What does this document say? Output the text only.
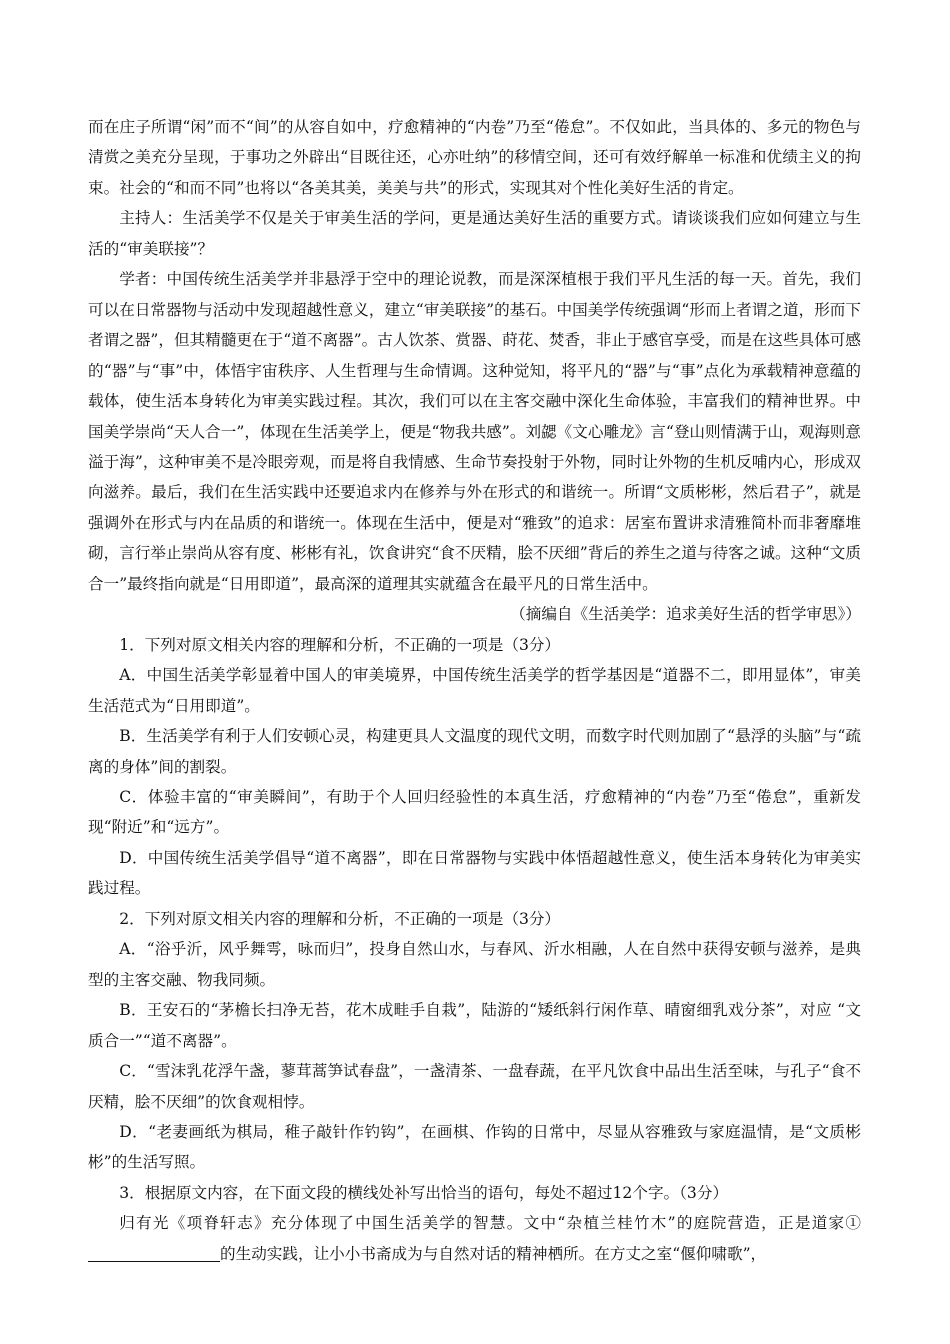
而在庄子所谓“闲”而不“间”的从容自如中，疗愈精神的“内卷”乃至“倦怠”。不仅如此，当具体的、多元的物色与清赏之美充分呈现，于事功之外辟出“目既往还，心亦吐纳”的移情空间，还可有效纾解单一标准和优绩主义的拘束。社会的“和而不同”也将以“各美其美，美美与共”的形式，实现其对个性化美好生活的肯定。

主持人：生活美学不仅是关于审美生活的学问，更是通达美好生活的重要方式。请谈谈我们应如何建立与生活的“审美联接”？

学者：中国传统生活美学并非悬浮于空中的理论说教，而是深深植根于我们平凡生活的每一天。首先，我们可以在日常器物与活动中发现超越性意义，建立“审美联接”的基石。中国美学传统强调“形而上者谓之道，形而下者谓之器”，但其精髓更在于“道不离器”。古人饮茶、赏器、莳花、焚香，非止于感官享受，而是在这些具体可感的“器”与“事”中，体悟宇宙秩序、人生哲理与生命情调。这种觉知，将平凡的“器”与“事”点化为承载精神意蕴的载体，使生活本身转化为审美实践过程。其次，我们可以在主客交融中深化生命体验，丰富我们的精神世界。中国美学崇尚“天人合一”，体现在生活美学上，便是“物我共感”。刘勰《文心雕龙》言“登山则情满于山，观海则意溢于海”，这种审美不是冷眼旁观，而是将自我情感、生命节奏投射于外物，同时让外物的生机反哺内心，形成双向滋养。最后，我们在生活实践中还要追求内在修养与外在形式的和谐统一。所谓“文质彬彬，然后君子”，就是强调外在形式与内在品质的和谐统一。体现在生活中，便是对“雅致”的追求：居室布置讲求清雅简朴而非奢靡堆砌，言行举止崇尚从容有度、彬彬有礼，饮食讲究“食不厌精，脍不厌细”背后的养生之道与待客之诚。这种“文质合一”最终指向就是“日用即道”，最高深的道理其实就蕴含在最平凡的日常生活中。

（摘编自《生活美学：追求美好生活的哲学审思》）

1．下列对原文相关内容的理解和分析，不正确的一项是（3分）

A．中国生活美学彰显着中国人的审美境界，中国传统生活美学的哲学基因是“道器不二，即用显体”，审美生活范式为“日用即道”。

B．生活美学有利于人们安顿心灵，构建更具人文温度的现代文明，而数字时代则加剧了“悬浮的头脑”与“疏离的身体”间的割裂。

C．体验丰富的“审美瞬间”，有助于个人回归经验性的本真生活，疗愈精神的“内卷”乃至“倦怠”，重新发现“附近”和“远方”。

D．中国传统生活美学倡导“道不离器”，即在日常器物与实践中体悟超越性意义，使生活本身转化为审美实践过程。

2．下列对原文相关内容的理解和分析，不正确的一项是（3分）

A．“浴乎沂，风乎舞雩，咏而归”，投身自然山水，与春风、沂水相融，人在自然中获得安顿与滋养，是典型的主客交融、物我同频。

B．王安石的“茅檐长扫净无苔，花木成畦手自栽”，陆游的“矮纸斜行闲作草、晴窗细乳戏分茶”，对应 “文质合一”“道不离器”。

C．“雪沫乳花浮午盏，蓼茸蒿笋试春盘”，一盏清茶、一盘春蔬，在平凡饮食中品出生活至味，与孔子“食不厌精，脍不厌细”的饮食观相悖。

D．“老妻画纸为棋局，稚子敲针作钓钩”，在画棋、作钩的日常中，尽显从容雅致与家庭温情，是“文质彬彬”的生活写照。

3．根据原文内容，在下面文段的横线处补写出恰当的语句，每处不超过12个字。（3分）

归有光《项脊轩志》充分体现了中国生活美学的智慧。文中“杂植兰桂竹木”的庭院营造，正是道家①的生动实践，让小小书斋成为与自然对话的精神栖所。在方丈之室“偃仰啸歌”，
